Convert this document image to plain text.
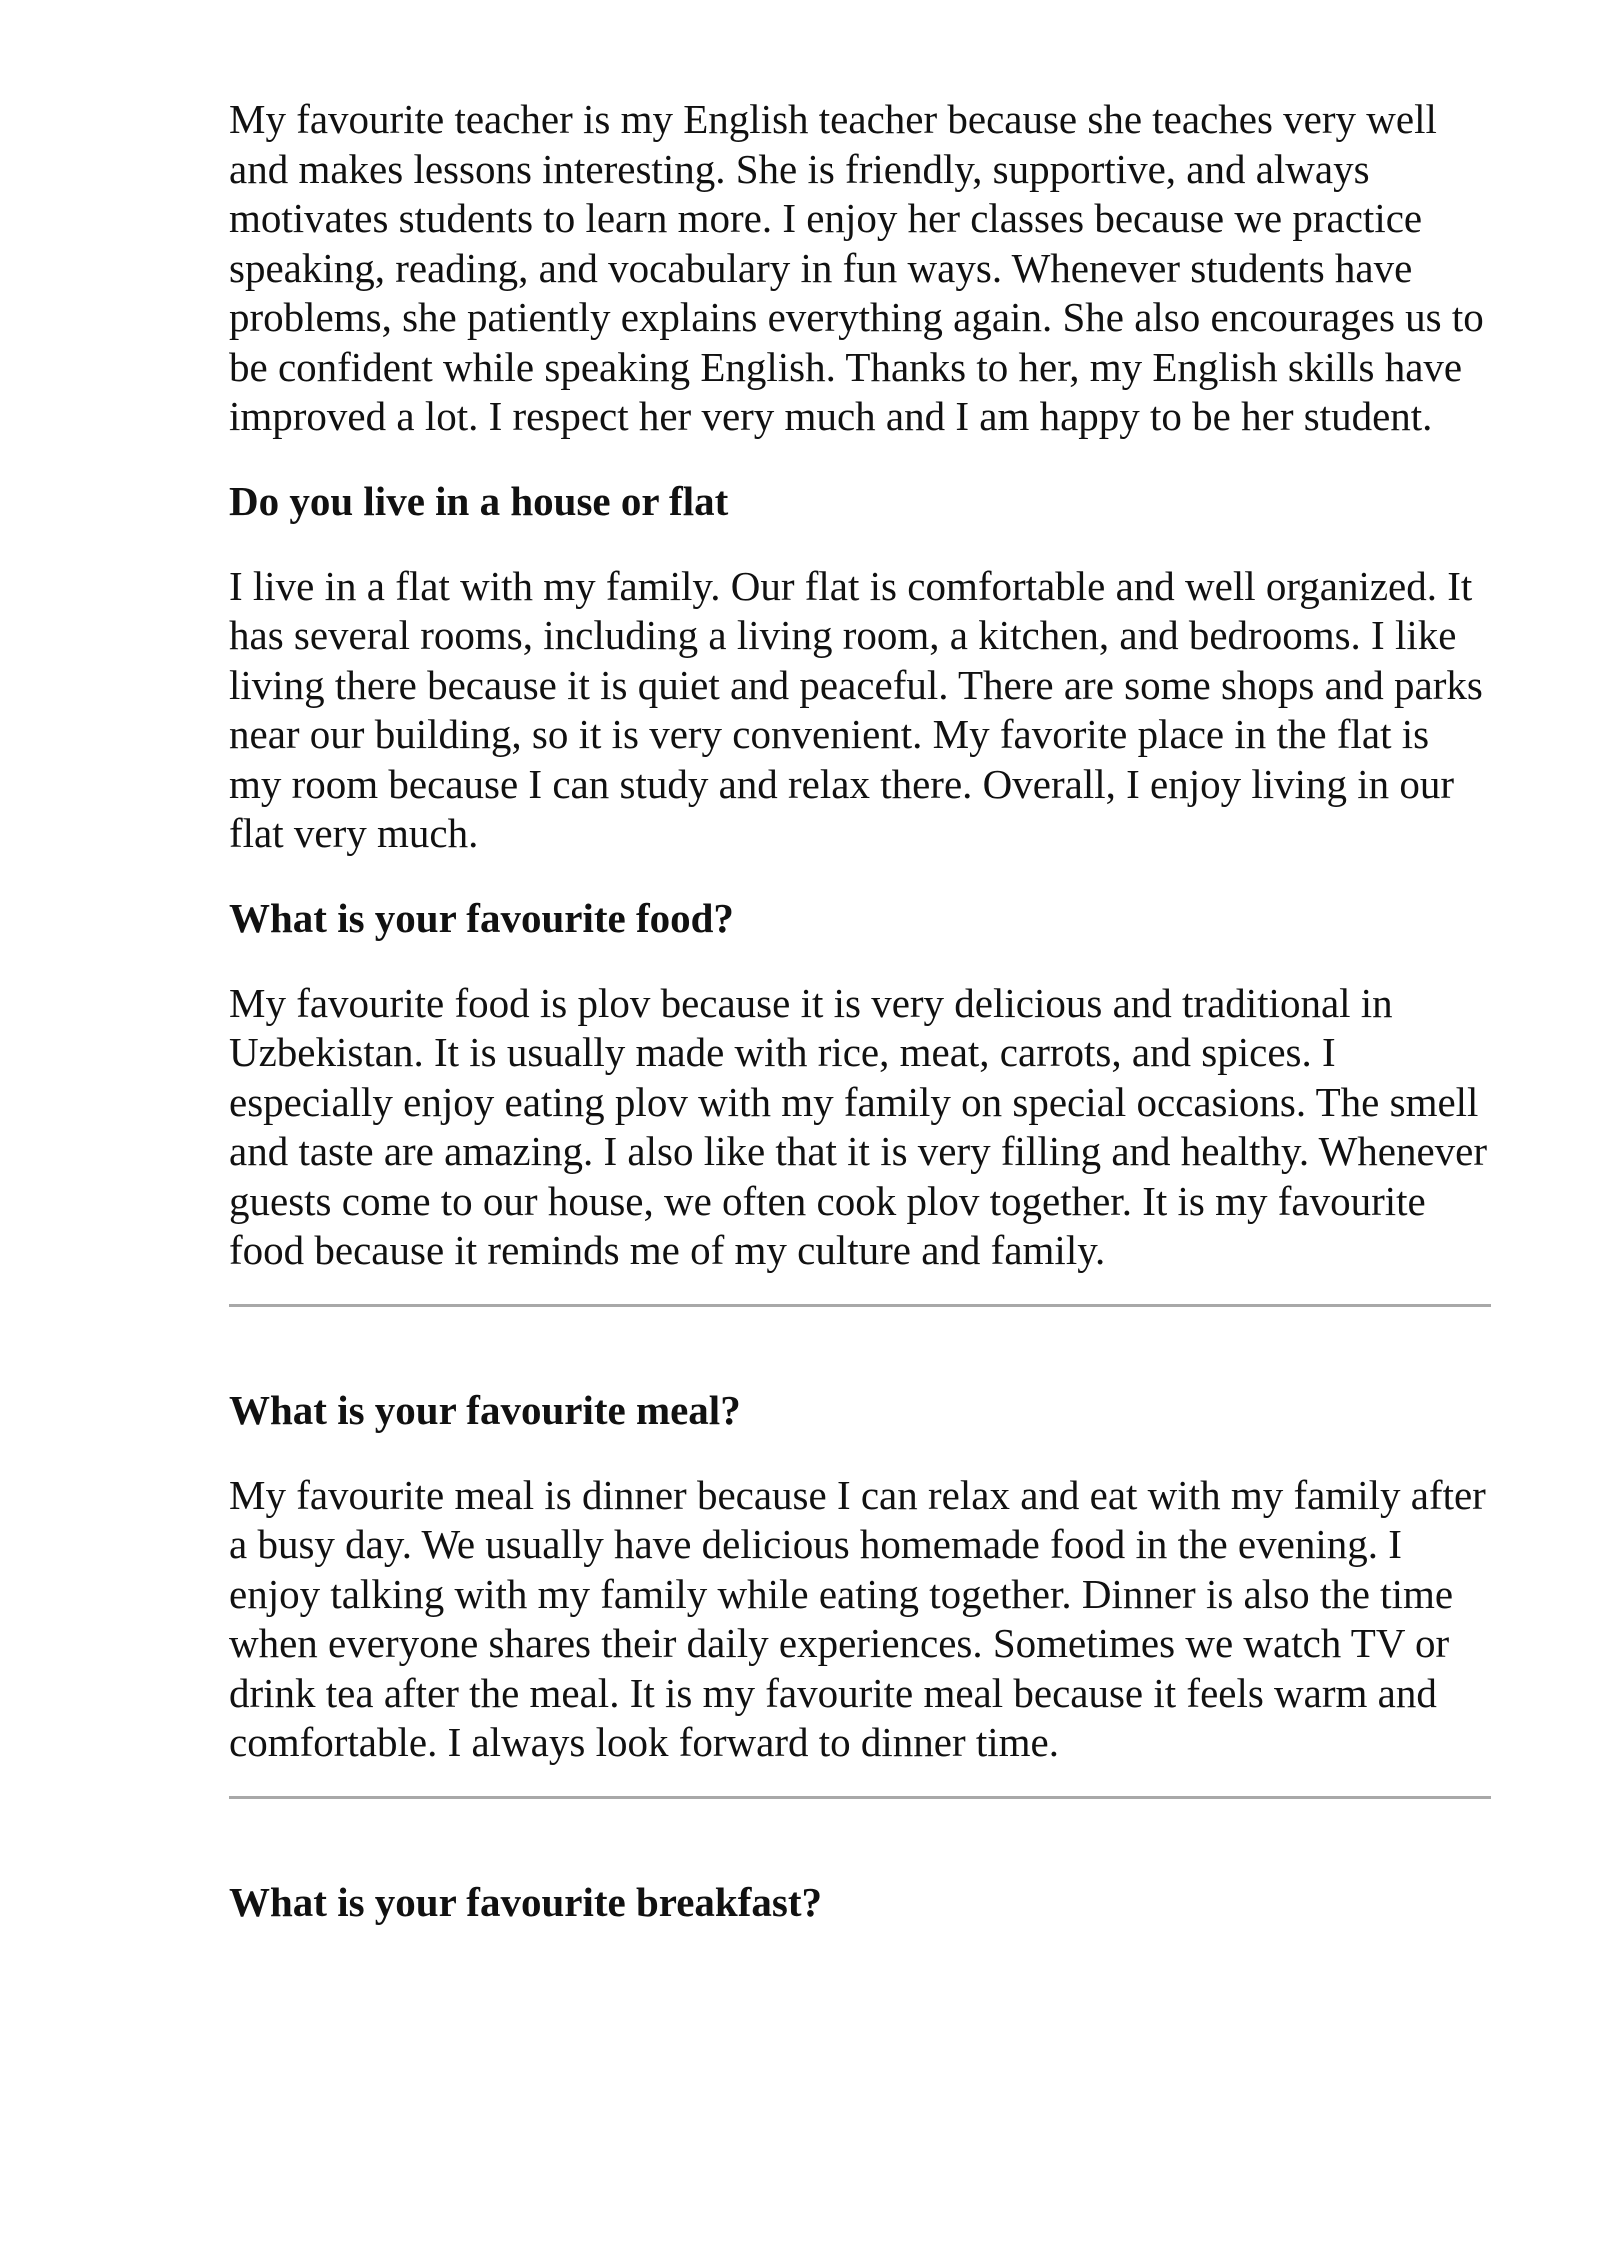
My favourite teacher is my English teacher because she teaches very well and makes lessons interesting. She is friendly, supportive, and always motivates students to learn more. I enjoy her classes because we practice speaking, reading, and vocabulary in fun ways. Whenever students have problems, she patiently explains everything again. She also encourages us to be confident while speaking English. Thanks to her, my English skills have improved a lot. I respect her very much and I am happy to be her student.

Do you live in a house or flat

I live in a flat with my family. Our flat is comfortable and well organized. It has several rooms, including a living room, a kitchen, and bedrooms. I like living there because it is quiet and peaceful. There are some shops and parks near our building, so it is very convenient. My favorite place in the flat is my room because I can study and relax there. Overall, I enjoy living in our flat very much.

What is your favourite food?

My favourite food is plov because it is very delicious and traditional in Uzbekistan. It is usually made with rice, meat, carrots, and spices. I especially enjoy eating plov with my family on special occasions. The smell and taste are amazing. I also like that it is very filling and healthy. Whenever guests come to our house, we often cook plov together. It is my favourite food because it reminds me of my culture and family.

What is your favourite meal?

My favourite meal is dinner because I can relax and eat with my family after a busy day. We usually have delicious homemade food in the evening. I enjoy talking with my family while eating together. Dinner is also the time when everyone shares their daily experiences. Sometimes we watch TV or drink tea after the meal. It is my favourite meal because it feels warm and comfortable. I always look forward to dinner time.

What is your favourite breakfast?
